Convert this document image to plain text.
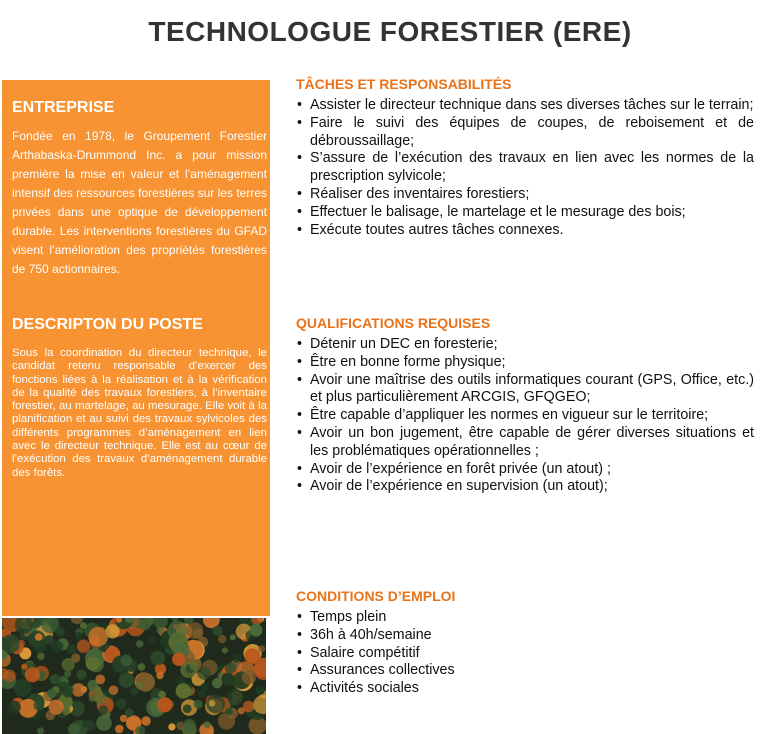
TECHNOLOGUE FORESTIER (ERE)
ENTREPRISE
Fondée en 1978, le Groupement Forestier Arthabaska-Drummond Inc. a pour mission première la mise en valeur et l’aménagement intensif des ressources forestières sur les terres privées dans une optique de développement durable. Les interventions forestières du GFAD visent l’amélioration des propriétés forestières de 750 actionnaires.
DESCRIPTON DU POSTE
Sous la coordination du directeur technique, le candidat retenu responsable d’exercer des fonctions liées à la réalisation et à la vérification de la qualité des travaux forestiers, à l’inventaire forestier, au martelage, au mesurage. Elle voit à la planification et au suivi des travaux sylvicoles des différents programmes d’aménagement en lien avec le directeur technique. Elle est au cœur de l’exécution des travaux d’aménagement durable des forêts.
TÂCHES ET RESPONSABILITÉS
• Assister le directeur technique dans ses diverses tâches sur le terrain;
• Faire le suivi des équipes de coupes, de reboisement et de débroussaillage;
• S’assure de l’exécution des travaux en lien avec les normes de la prescription sylvicole;
• Réaliser des inventaires forestiers;
• Effectuer le balisage, le martelage et le mesurage des bois;
• Exécute toutes autres tâches connexes.
QUALIFICATIONS REQUISES
• Détenir un DEC en foresterie;
• Être en bonne forme physique;
• Avoir une maîtrise des outils informatiques courant (GPS, Office, etc.) et plus particulièrement ARCGIS, GFQGEO;
• Être capable d’appliquer les normes en vigueur sur le territoire;
• Avoir un bon jugement, être capable de gérer diverses situations et les problématiques opérationnelles ;
• Avoir de l’expérience en forêt privée (un atout) ;
• Avoir de l’expérience en supervision (un atout);
CONDITIONS D’EMPLOI
• Temps plein
• 36h à 40h/semaine
• Salaire compétitif
• Assurances collectives
• Activités sociales
